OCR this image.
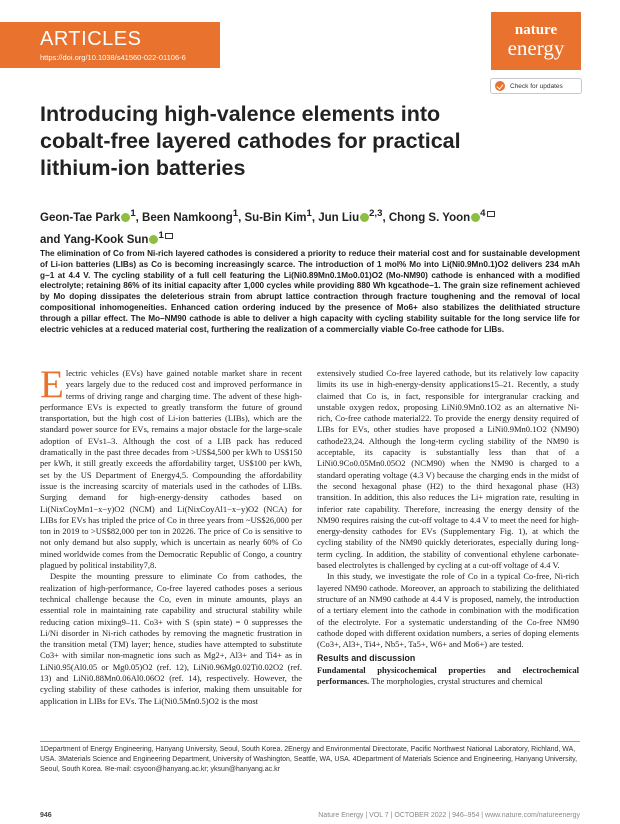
ARTICLES
https://doi.org/10.1038/s41560-022-01106-6
nature
energy
Check for updates
Introducing high-valence elements into cobalt-free layered cathodes for practical lithium-ion batteries
Geon-Tae Park $^1$, Been Namkoong$^1$, Su-Bin Kim$^1$, Jun Liu $^{2,3}$, Chong S. Yoon $^4$ and Yang-Kook Sun $^1$

The elimination of Co from Ni-rich layered cathodes is considered a priority to reduce their material cost and for sustainable development of Li-ion batteries (LIBs) as Co is becoming increasingly scarce. The introduction of 1 mol% Mo into Li(Ni0.9Mn0.1)O2 delivers 234 mAh g−1 at 4.4 V. The cycling stability of a full cell featuring the Li(Ni0.89Mn0.1Mo0.01)O2 (Mo-NM90) cathode is enhanced with a modified electrolyte; retaining 86% of its initial capacity after 1,000 cycles while providing 880 Wh kgcathode−1. The grain size refinement achieved by Mo doping dissipates the deleterious strain from abrupt lattice contraction through fracture toughening and the removal of local compositional inhomogeneities. Enhanced cation ordering induced by the presence of Mo6+ also stabilizes the delithiated structure through a pillar effect. The Mo–NM90 cathode is able to deliver a high capacity with cycling stability suitable for the long service life for electric vehicles at a reduced material cost, furthering the realization of a commercially viable Co-free cathode for LIBs.

Electric vehicles (EVs) have gained notable market share in recent years largely due to the reduced cost and improved performance in terms of driving range and charging time. The advent of these high-performance EVs is expected to greatly transform the future of ground transportation, but the high cost of Li-ion batteries (LIBs), which are the standard power source for EVs, remains a major obstacle for the large-scale adoption of EVs1–3. Although the cost of a LIB pack has reduced dramatically in the past three decades from >US$4,500 per kWh to US$150 per kWh, it still greatly exceeds the affordability target, US$100 per kWh, set by the US Department of Energy4,5. Compounding the affordability issue is the increasing scarcity of materials used in the cathodes of LIBs. Surging demand for high-energy-density cathodes based on Li(NixCoyMn1−x−y)O2 (NCM) and Li(NixCoyAl1−x−y)O2 (NCA) for LIBs for EVs has tripled the price of Co in three years from ~US$26,000 per ton in 2019 to >US$82,000 per ton in 20226. The price of Co is sensitive to not only demand but also supply, which is uncertain as nearly 60% of Co mined worldwide comes from the Democratic Republic of Congo, a country plagued by political instability7,8.

Despite the mounting pressure to eliminate Co from cathodes, the realization of high-performance, Co-free layered cathodes poses a serious technical challenge because the Co, even in minute amounts, plays an essential role in maintaining rate capability and structural stability while reducing cation mixing9–11. Co3+ with S (spin state) = 0 suppresses the Li/Ni disorder in Ni-rich cathodes by removing the magnetic frustration in the transition metal (TM) layer; hence, studies have attempted to substitute Co3+ with similar non-magnetic ions such as Mg2+, Al3+ and Ti4+ as in LiNi0.95(Al0.05 or Mg0.05)O2 (ref. 12), LiNi0.96Mg0.02Ti0.02O2 (ref. 13) and LiNi0.88Mn0.06Al0.06O2 (ref. 14), respectively. However, the cycling stability of these cathodes is inferior, making them unsuitable for application in LIBs for EVs. The Li(Ni0.5Mn0.5)O2 is the most

extensively studied Co-free layered cathode, but its relatively low capacity limits its use in high-energy-density applications15–21. Recently, a study claimed that Co is, in fact, responsible for intergranular cracking and unstable oxygen redox, proposing LiNi0.9Mn0.1O2 as an alternative Ni-rich, Co-free cathode material22. To provide the energy density required of LIBs for EVs, other studies have proposed a LiNi0.9Mn0.1O2 (NM90) cathode23,24. Although the long-term cycling stability of the NM90 is acceptable, its capacity is substantially less than that of a LiNi0.9Co0.05Mn0.05O2 (NCM90) when the NM90 is charged to a standard operating voltage (4.3 V) because the charging ends in the midst of the second hexagonal phase (H2) to the third hexagonal phase (H3) transition. In addition, this also reduces the Li+ migration rate, resulting in inferior rate capability. Therefore, increasing the energy density of the NM90 requires raising the cut-off voltage to 4.4 V to meet the need for high-energy-density cathodes for EVs (Supplementary Fig. 1), at which the cycling stability of the NM90 quickly deteriorates, especially during long-term cycling. In addition, the stability of conventional ethylene carbonate-based electrolytes is challenged by cycling at a cut-off voltage of 4.4 V.

In this study, we investigate the role of Co in a typical Co-free, Ni-rich layered NM90 cathode. Moreover, an approach to stabilizing the delithiated structure of an NM90 cathode at 4.4 V is proposed, namely, the introduction of a tertiary element into the cathode in combination with the modification of the electrolyte. For a systematic understanding of the Co-free NM90 cathode doped with different oxidation numbers, a series of doping elements (Co3+, Al3+, Ti4+, Nb5+, Ta5+, W6+ and Mo6+) are tested.

Results and discussion

Fundamental physicochemical properties and electrochemical performances. The morphologies, crystal structures and chemical

1Department of Energy Engineering, Hanyang University, Seoul, South Korea. 2Energy and Environmental Directorate, Pacific Northwest National Laboratory, Richland, WA, USA. 3Materials Science and Engineering Department, University of Washington, Seattle, WA, USA. 4Department of Materials Science and Engineering, Hanyang University, Seoul, South Korea. ✉e-mail: csyoon@hanyang.ac.kr; yksun@hanyang.ac.kr

946	Nature Energy | VOL 7 | OCTOBER 2022 | 946–954 | www.nature.com/natureenergy
